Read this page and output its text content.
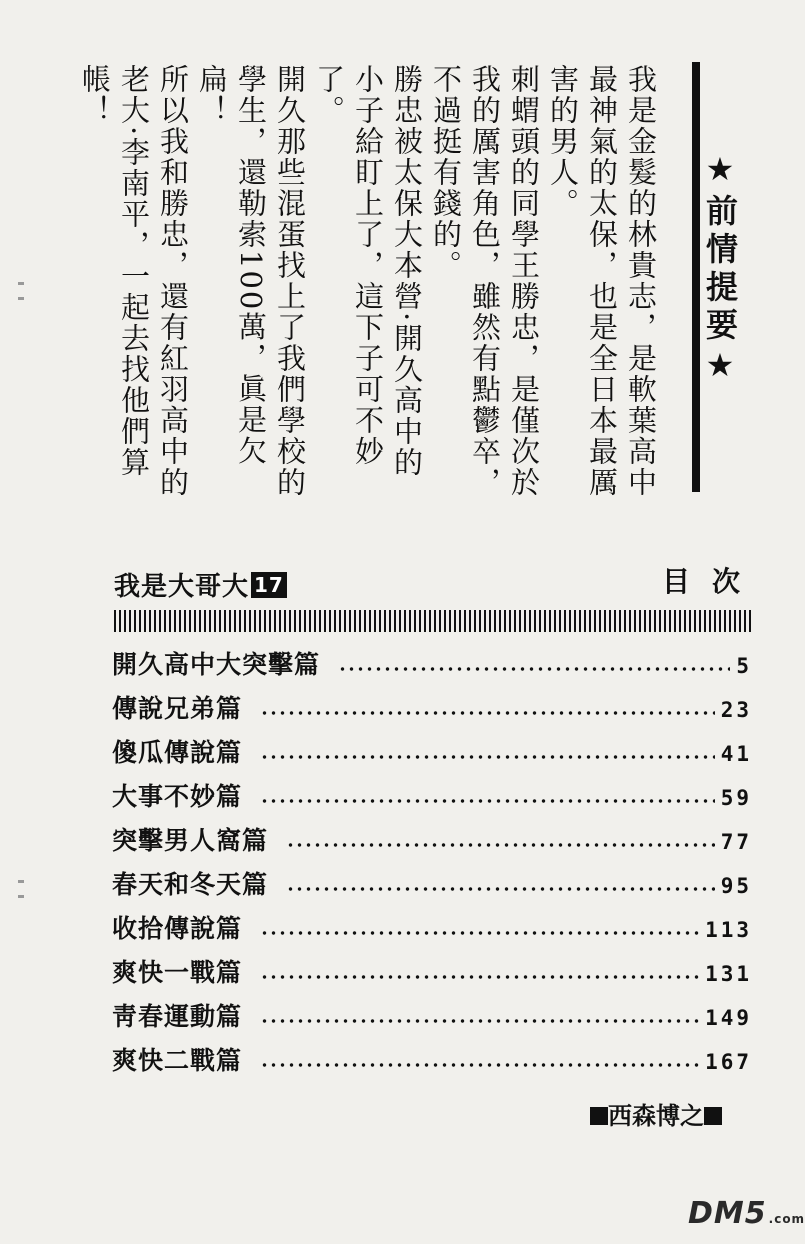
★前情提要★

我是金髮的林貴志，是軟葉高中最神氣的太保，也是全日本最厲害的男人。

刺蝟頭的同學王勝忠，是僅次於我的厲害角色，雖然有點鬱卒，不過挺有錢的。

勝忠被太保大本營·開久高中的小子給盯上了，這下子可不妙了。

開久那些混蛋找上了我們學校的學生，還勒索100萬，眞是欠扁！

所以我和勝忠，還有紅羽高中的老大·李南平，一起去找他們算帳！

我是大哥大 17	目次
開久高中大突擊篇	5
傳說兄弟篇	23
傻瓜傳說篇	41
大事不妙篇	59
突擊男人窩篇	77
春天和冬天篇	95
收拾傳說篇	113
爽快一戰篇	131
靑春運動篇	149
爽快二戰篇	167
西森博之
DM5 .com
